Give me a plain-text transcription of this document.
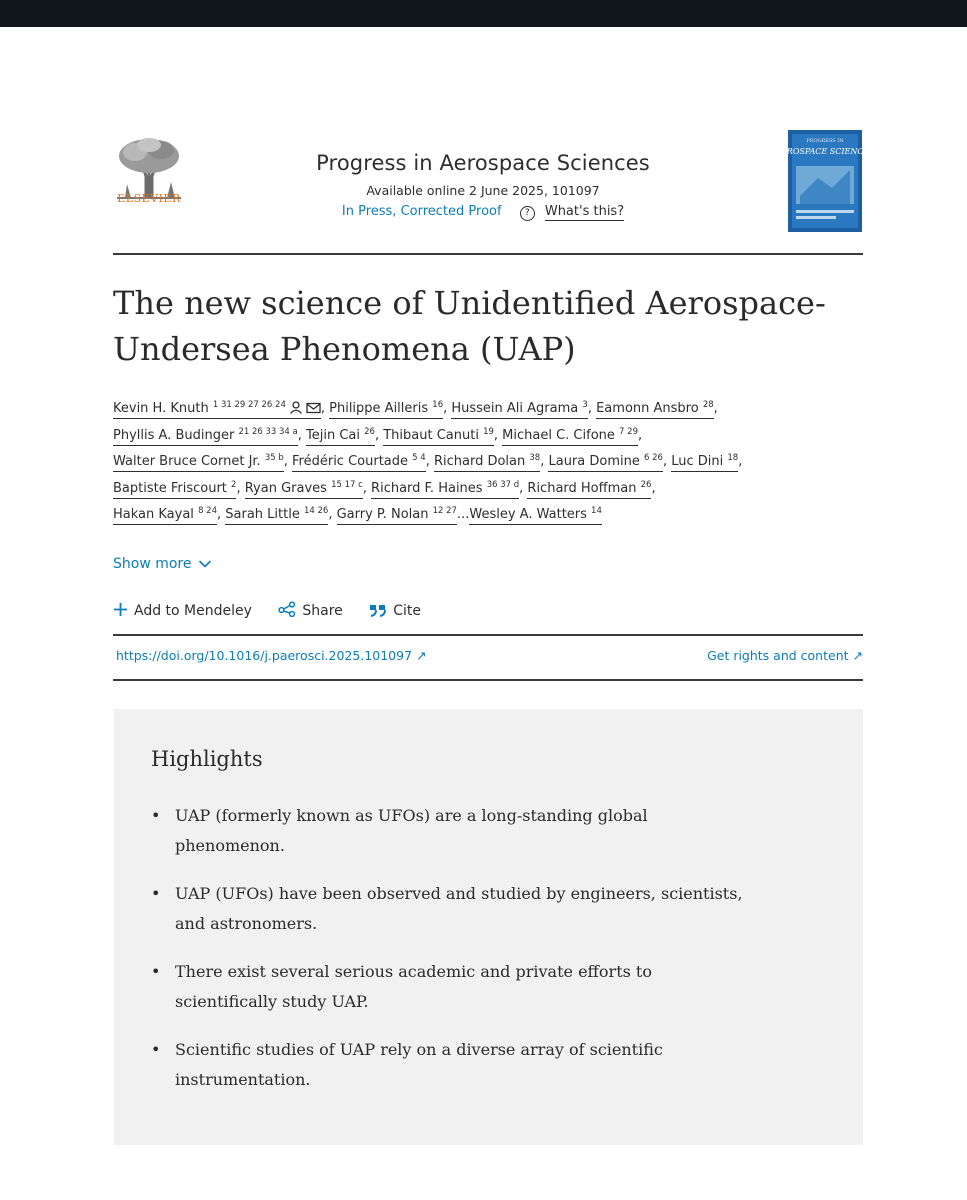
ELSEVIER
Progress in Aerospace Sciences
Available online 2 June 2025, 101097
In Press, Corrected Proof	? What's this?
PROGRESS IN
AEROSPACE SCIENCES
The new science of Unidentified Aerospace-
Undersea Phenomena (UAP)
Kevin H. Knuth $^{1 31 29 27 26 24}$	, Philippe Ailleris $^{16}$, Hussein Ali Agrama $^3$, Eamonn Ansbro $^{28}$,
Phyllis A. Budinger $^{21 26 33 34 a}$, Tejin Cai $^{26}$, Thibaut Canuti $^{19}$, Michael C. Cifone $^{7 29}$,
Walter Bruce Cornet Jr. $^{35 b}$, Frédéric Courtade $^{5 4}$, Richard Dolan $^{38}$, Laura Domine $^{6 26}$, Luc Dini $^{18}$,
Baptiste Friscourt $^2$, Ryan Graves $^{15 17 c}$, Richard F. Haines $^{36 37 d}$, Richard Hoffman $^{26}$,
Hakan Kayal $^{8 24}$, Sarah Little $^{14 26}$, Garry P. Nolan $^{12 27}$...Wesley A. Watters $^{14}$
Show more
Add to Mendeley	Share	Cite
https://doi.org/10.1016/j.paerosci.2025.101097 ↗	Get rights and content ↗
Highlights
• UAP (formerly known as UFOs) are a long-standing global
phenomenon.
• UAP (UFOs) have been observed and studied by engineers, scientists,
and astronomers.
• There exist several serious academic and private efforts to
scientifically study UAP.
• Scientific studies of UAP rely on a diverse array of scientific
instrumentation.
